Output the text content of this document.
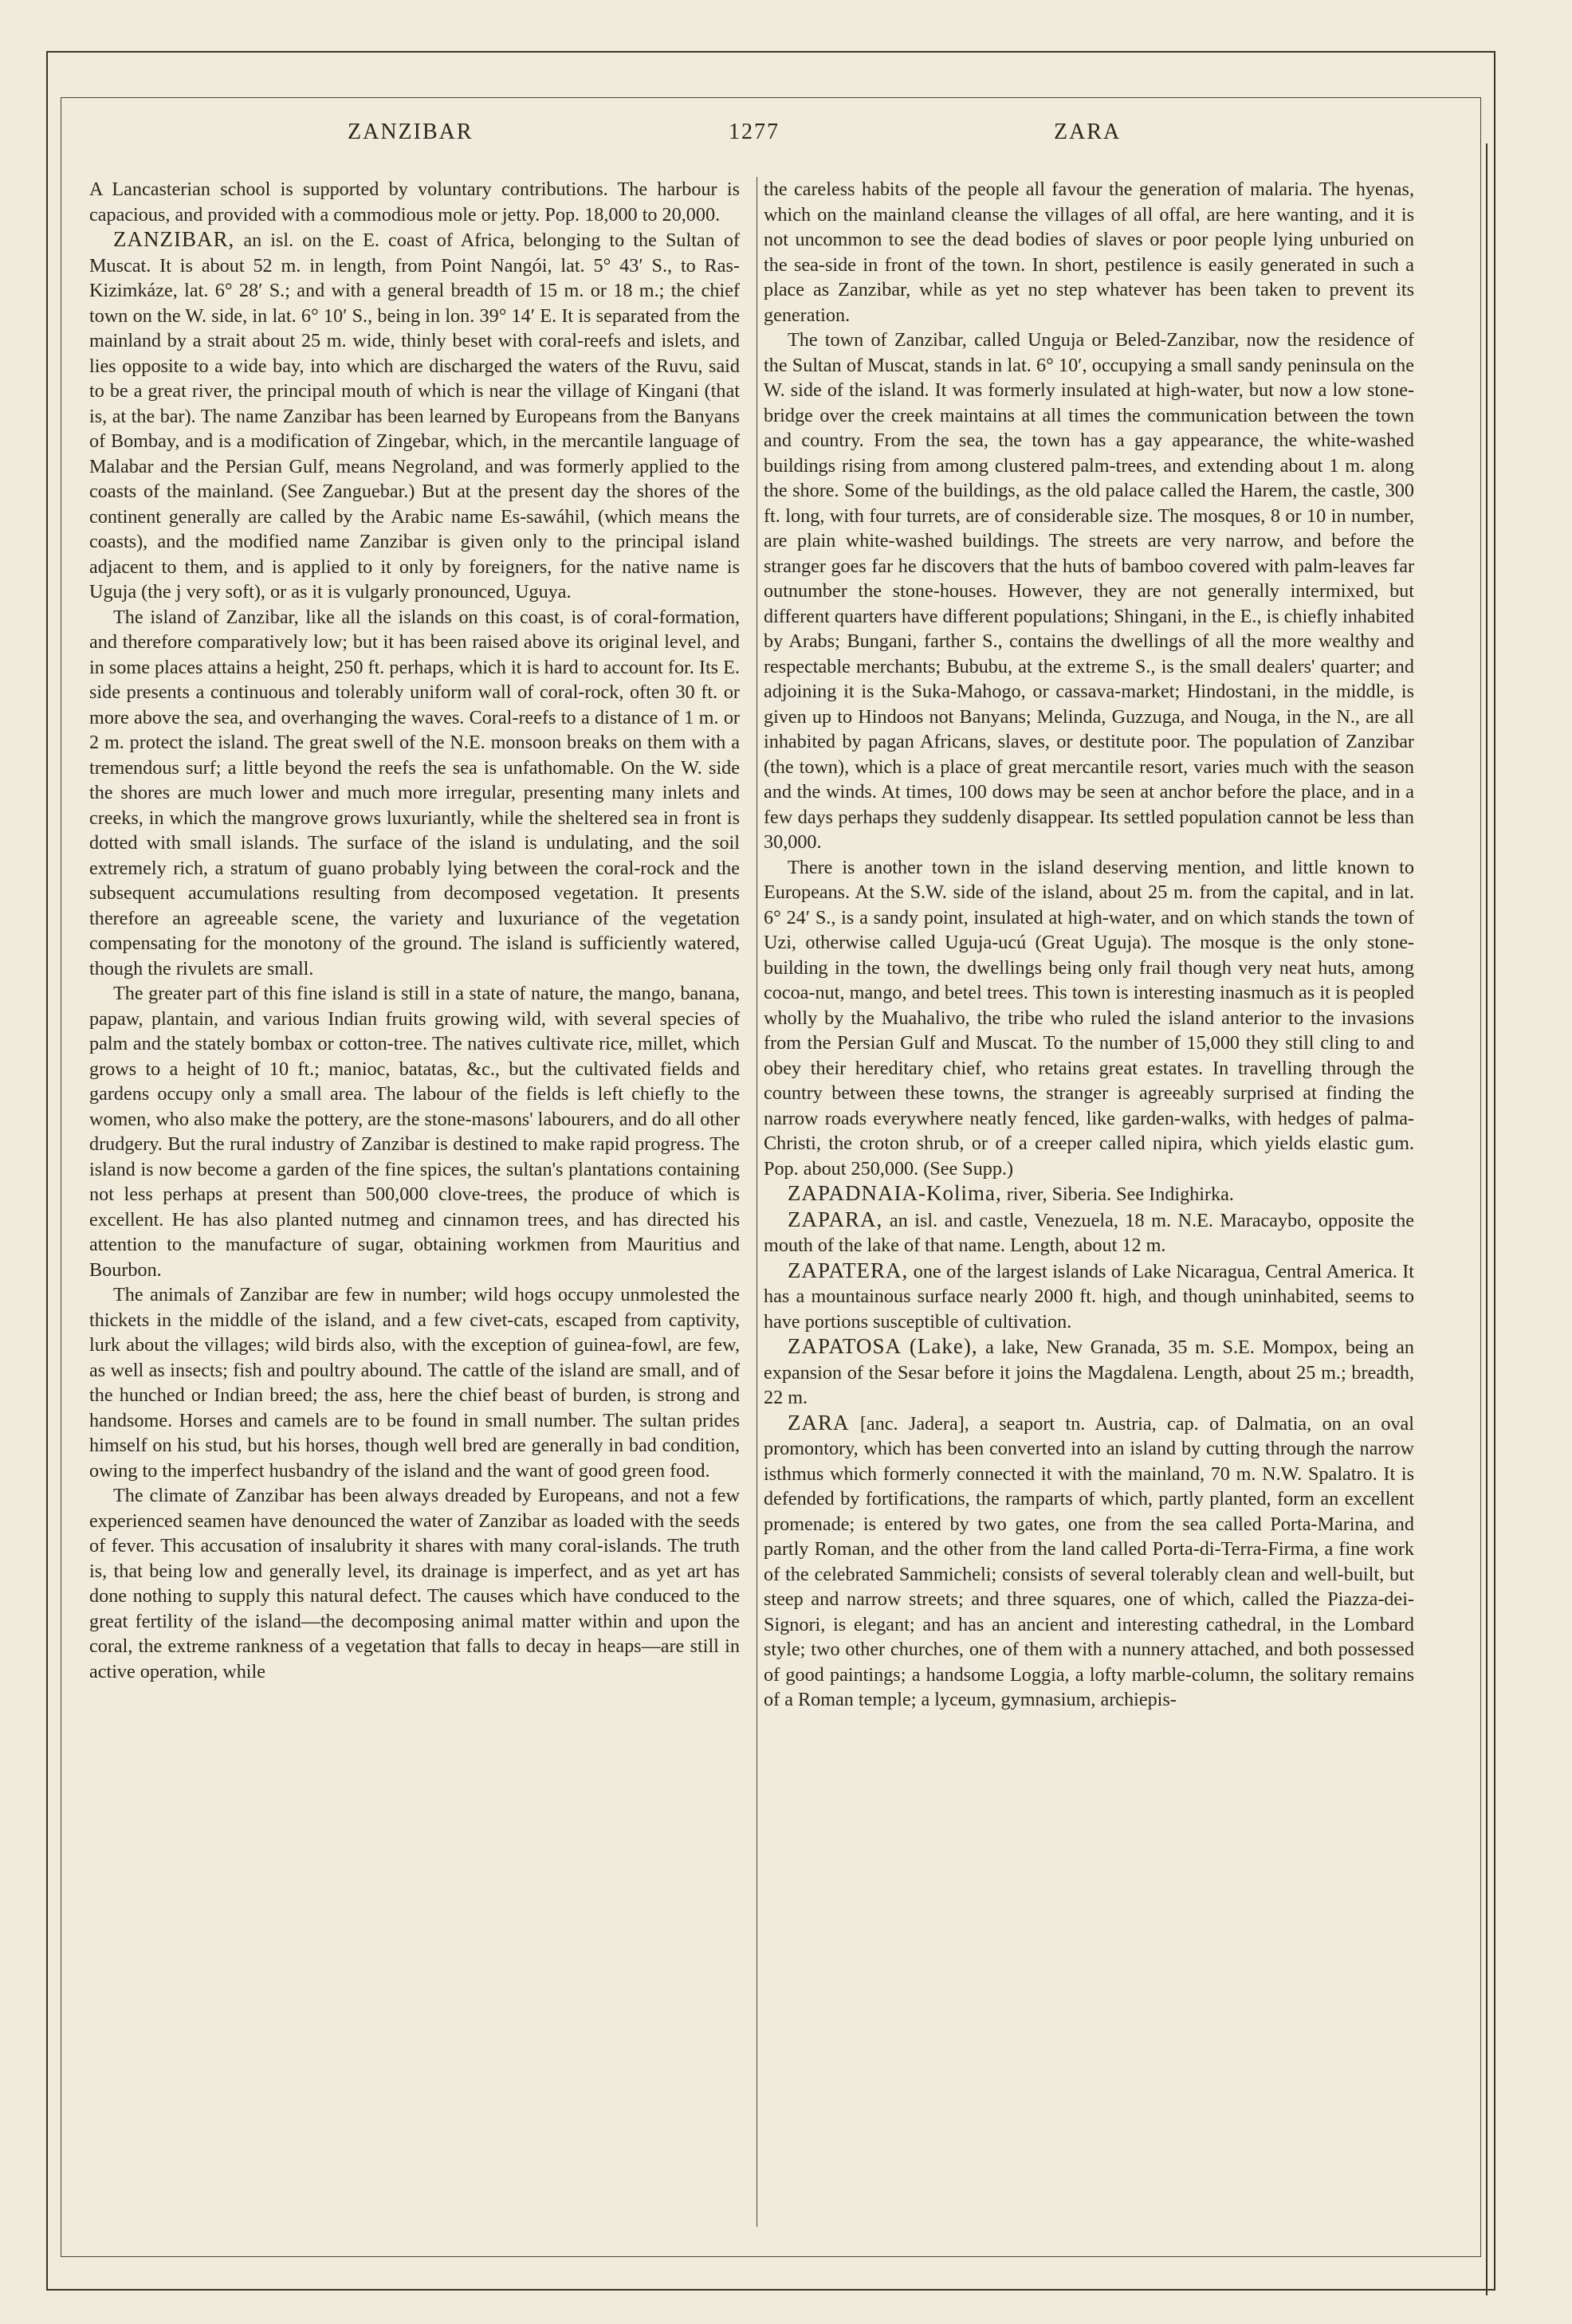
ZANZIBAR	1277	ZARA

A Lancasterian school is supported by voluntary contributions. The harbour is capacious, and provided with a commodious mole or jetty. Pop. 18,000 to 20,000.

ZANZIBAR, an isl. on the E. coast of Africa, belonging to the Sultan of Muscat. It is about 52 m. in length, from Point Nangói, lat. 5° 43′ S., to Ras-Kizimkáze, lat. 6° 28′ S.; and with a general breadth of 15 m. or 18 m.; the chief town on the W. side, in lat. 6° 10′ S., being in lon. 39° 14′ E. It is separated from the mainland by a strait about 25 m. wide, thinly beset with coral-reefs and islets, and lies opposite to a wide bay, into which are discharged the waters of the Ruvu, said to be a great river, the principal mouth of which is near the village of Kingani (that is, at the bar). The name Zanzibar has been learned by Europeans from the Banyans of Bombay, and is a modification of Zingebar, which, in the mercantile language of Malabar and the Persian Gulf, means Negroland, and was formerly applied to the coasts of the mainland. (See Zanguebar.) But at the present day the shores of the continent generally are called by the Arabic name Es-sawáhil, (which means the coasts), and the modified name Zanzibar is given only to the principal island adjacent to them, and is applied to it only by foreigners, for the native name is Uguja (the j very soft), or as it is vulgarly pronounced, Uguya.

The island of Zanzibar, like all the islands on this coast, is of coral-formation, and therefore comparatively low; but it has been raised above its original level, and in some places attains a height, 250 ft. perhaps, which it is hard to account for. Its E. side presents a continuous and tolerably uniform wall of coral-rock, often 30 ft. or more above the sea, and overhanging the waves. Coral-reefs to a distance of 1 m. or 2 m. protect the island. The great swell of the N.E. monsoon breaks on them with a tremendous surf; a little beyond the reefs the sea is unfathomable. On the W. side the shores are much lower and much more irregular, presenting many inlets and creeks, in which the mangrove grows luxuriantly, while the sheltered sea in front is dotted with small islands. The surface of the island is undulating, and the soil extremely rich, a stratum of guano probably lying between the coral-rock and the subsequent accumulations resulting from decomposed vegetation. It presents therefore an agreeable scene, the variety and luxuriance of the vegetation compensating for the monotony of the ground. The island is sufficiently watered, though the rivulets are small.

The greater part of this fine island is still in a state of nature, the mango, banana, papaw, plantain, and various Indian fruits growing wild, with several species of palm and the stately bombax or cotton-tree. The natives cultivate rice, millet, which grows to a height of 10 ft.; manioc, batatas, &c., but the cultivated fields and gardens occupy only a small area. The labour of the fields is left chiefly to the women, who also make the pottery, are the stone-masons' labourers, and do all other drudgery. But the rural industry of Zanzibar is destined to make rapid progress. The island is now become a garden of the fine spices, the sultan's plantations containing not less perhaps at present than 500,000 clove-trees, the produce of which is excellent. He has also planted nutmeg and cinnamon trees, and has directed his attention to the manufacture of sugar, obtaining workmen from Mauritius and Bourbon.

The animals of Zanzibar are few in number; wild hogs occupy unmolested the thickets in the middle of the island, and a few civet-cats, escaped from captivity, lurk about the villages; wild birds also, with the exception of guinea-fowl, are few, as well as insects; fish and poultry abound. The cattle of the island are small, and of the hunched or Indian breed; the ass, here the chief beast of burden, is strong and handsome. Horses and camels are to be found in small number. The sultan prides himself on his stud, but his horses, though well bred are generally in bad condition, owing to the imperfect husbandry of the island and the want of good green food.

The climate of Zanzibar has been always dreaded by Europeans, and not a few experienced seamen have denounced the water of Zanzibar as loaded with the seeds of fever. This accusation of insalubrity it shares with many coral-islands. The truth is, that being low and generally level, its drainage is imperfect, and as yet art has done nothing to supply this natural defect. The causes which have conduced to the great fertility of the island—the decomposing animal matter within and upon the coral, the extreme rankness of a vegetation that falls to decay in heaps—are still in active operation, while

the careless habits of the people all favour the generation of malaria. The hyenas, which on the mainland cleanse the villages of all offal, are here wanting, and it is not uncommon to see the dead bodies of slaves or poor people lying unburied on the sea-side in front of the town. In short, pestilence is easily generated in such a place as Zanzibar, while as yet no step whatever has been taken to prevent its generation.

The town of Zanzibar, called Unguja or Beled-Zanzibar, now the residence of the Sultan of Muscat, stands in lat. 6° 10′, occupying a small sandy peninsula on the W. side of the island. It was formerly insulated at high-water, but now a low stone-bridge over the creek maintains at all times the communication between the town and country. From the sea, the town has a gay appearance, the white-washed buildings rising from among clustered palm-trees, and extending about 1 m. along the shore. Some of the buildings, as the old palace called the Harem, the castle, 300 ft. long, with four turrets, are of considerable size. The mosques, 8 or 10 in number, are plain white-washed buildings. The streets are very narrow, and before the stranger goes far he discovers that the huts of bamboo covered with palm-leaves far outnumber the stone-houses. However, they are not generally intermixed, but different quarters have different populations; Shingani, in the E., is chiefly inhabited by Arabs; Bungani, farther S., contains the dwellings of all the more wealthy and respectable merchants; Bububu, at the extreme S., is the small dealers' quarter; and adjoining it is the Suka-Mahogo, or cassava-market; Hindostani, in the middle, is given up to Hindoos not Banyans; Melinda, Guzzuga, and Nouga, in the N., are all inhabited by pagan Africans, slaves, or destitute poor. The population of Zanzibar (the town), which is a place of great mercantile resort, varies much with the season and the winds. At times, 100 dows may be seen at anchor before the place, and in a few days perhaps they suddenly disappear. Its settled population cannot be less than 30,000.

There is another town in the island deserving mention, and little known to Europeans. At the S.W. side of the island, about 25 m. from the capital, and in lat. 6° 24′ S., is a sandy point, insulated at high-water, and on which stands the town of Uzi, otherwise called Uguja-ucú (Great Uguja). The mosque is the only stone-building in the town, the dwellings being only frail though very neat huts, among cocoa-nut, mango, and betel trees. This town is interesting inasmuch as it is peopled wholly by the Muahalivo, the tribe who ruled the island anterior to the invasions from the Persian Gulf and Muscat. To the number of 15,000 they still cling to and obey their hereditary chief, who retains great estates. In travelling through the country between these towns, the stranger is agreeably surprised at finding the narrow roads everywhere neatly fenced, like garden-walks, with hedges of palma-Christi, the croton shrub, or of a creeper called nipira, which yields elastic gum. Pop. about 250,000. (See Supp.)

ZAPADNAIA-Kolima, river, Siberia. See Indighirka.

ZAPARA, an isl. and castle, Venezuela, 18 m. N.E. Maracaybo, opposite the mouth of the lake of that name. Length, about 12 m.

ZAPATERA, one of the largest islands of Lake Nicaragua, Central America. It has a mountainous surface nearly 2000 ft. high, and though uninhabited, seems to have portions susceptible of cultivation.

ZAPATOSA (Lake), a lake, New Granada, 35 m. S.E. Mompox, being an expansion of the Sesar before it joins the Magdalena. Length, about 25 m.; breadth, 22 m.

ZARA [anc. Jadera], a seaport tn. Austria, cap. of Dalmatia, on an oval promontory, which has been converted into an island by cutting through the narrow isthmus which formerly connected it with the mainland, 70 m. N.W. Spalatro. It is defended by fortifications, the ramparts of which, partly planted, form an excellent promenade; is entered by two gates, one from the sea called Porta-Marina, and partly Roman, and the other from the land called Porta-di-Terra-Firma, a fine work of the celebrated Sammicheli; consists of several tolerably clean and well-built, but steep and narrow streets; and three squares, one of which, called the Piazza-dei-Signori, is elegant; and has an ancient and interesting cathedral, in the Lombard style; two other churches, one of them with a nunnery attached, and both possessed of good paintings; a handsome Loggia, a lofty marble-column, the solitary remains of a Roman temple; a lyceum, gymnasium, archiepis-
